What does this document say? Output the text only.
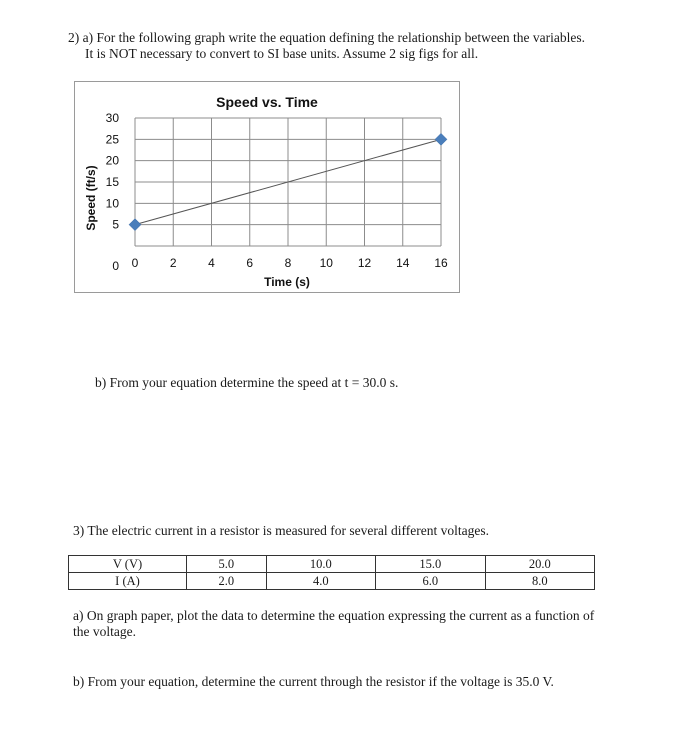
2) a) For the following graph write the equation defining the relationship between the variables.
It is NOT necessary to convert to SI base units. Assume 2 sig figs for all.
Speed vs. Time
0
5
10
15
20
25
30
0	2	4	6	8 10 12 14 16
Time (s)
Speed (ft/s)
b) From your equation determine the speed at t = 30.0 s.
3) The electric current in a resistor is measured for several different voltages.
V (V)	5.0	10.0	15.0	20.0
I (A)	2.0	4.0	6.0	8.0
a) On graph paper, plot the data to determine the equation expressing the current as a function of
the voltage.
b) From your equation, determine the current through the resistor if the voltage is 35.0 V.
